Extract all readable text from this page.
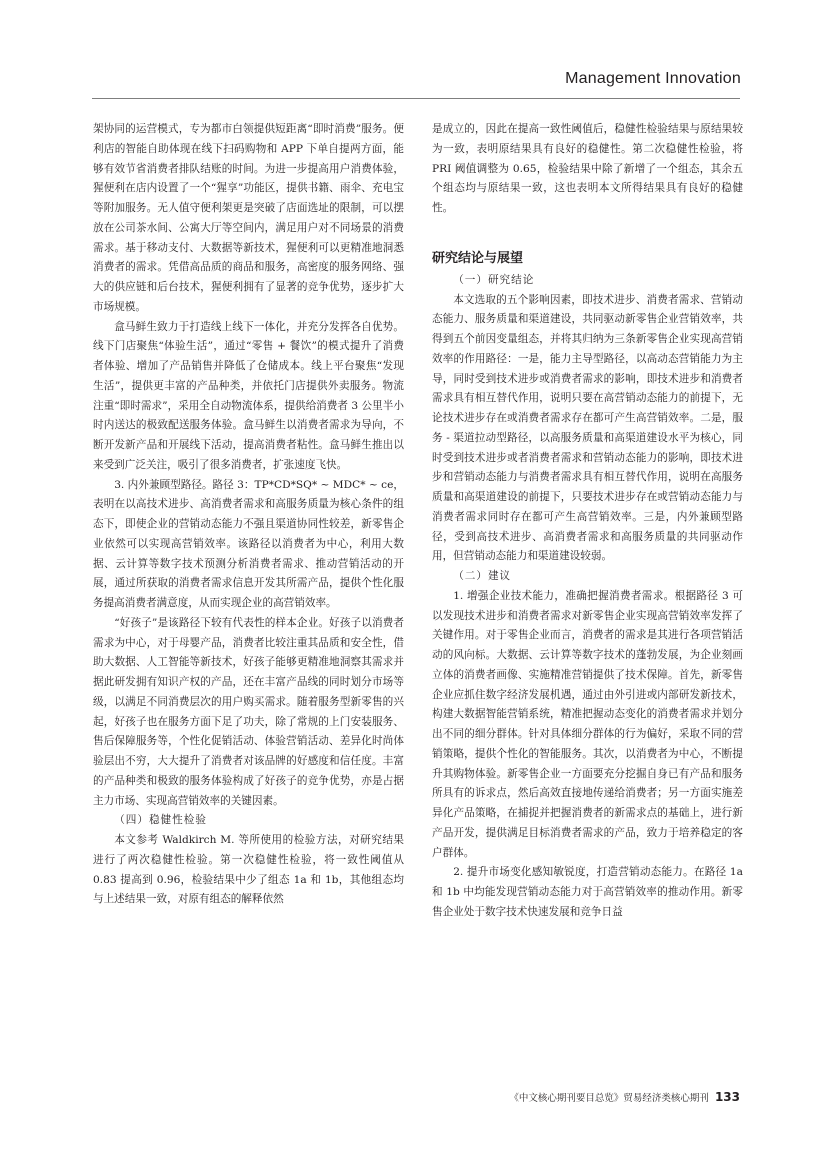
Management Innovation

架协同的运营模式，专为都市白领提供短距离“即时消费”服务。便利店的智能自助体现在线下扫码购物和 APP 下单自提两方面，能够有效节省消费者排队结账的时间。为进一步提高用户消费体验，猩便利在店内设置了一个“猩享”功能区，提供书籍、雨伞、充电宝等附加服务。无人值守便利架更是突破了店面选址的限制，可以摆放在公司茶水间、公寓大厅等空间内，满足用户对不同场景的消费需求。基于移动支付、大数据等新技术，猩便利可以更精准地洞悉消费者的需求。凭借高品质的商品和服务，高密度的服务网络、强大的供应链和后台技术，猩便利拥有了显著的竞争优势，逐步扩大市场规模。

盒马鲜生致力于打造线上线下一体化，并充分发挥各自优势。线下门店聚焦“体验生活”，通过“零售 + 餐饮”的模式提升了消费者体验、增加了产品销售并降低了仓储成本。线上平台聚焦“发现生活”，提供更丰富的产品种类，并依托门店提供外卖服务。物流注重“即时需求”，采用全自动物流体系，提供给消费者 3 公里半小时内送达的极致配送服务体验。盒马鲜生以消费者需求为导向，不断开发新产品和开展线下活动，提高消费者粘性。盒马鲜生推出以来受到广泛关注，吸引了很多消费者，扩张速度飞快。

3. 内外兼顾型路径。路径 3：TP*CD*SQ* ~ MDC* ~ ce，表明在以高技术进步、高消费者需求和高服务质量为核心条件的组态下，即使企业的营销动态能力不强且渠道协同性较差，新零售企业依然可以实现高营销效率。该路径以消费者为中心，利用大数据、云计算等数字技术预测分析消费者需求、推动营销活动的开展，通过所获取的消费者需求信息开发其所需产品，提供个性化服务提高消费者满意度，从而实现企业的高营销效率。

“好孩子”是该路径下较有代表性的样本企业。好孩子以消费者需求为中心，对于母婴产品，消费者比较注重其品质和安全性，借助大数据、人工智能等新技术，好孩子能够更精准地洞察其需求并据此研发拥有知识产权的产品，还在丰富产品线的同时划分市场等级，以满足不同消费层次的用户购买需求。随着服务型新零售的兴起，好孩子也在服务方面下足了功夫，除了常规的上门安装服务、售后保障服务等，个性化促销活动、体验营销活动、差异化时尚体验层出不穷，大大提升了消费者对该品牌的好感度和信任度。丰富的产品种类和极致的服务体验构成了好孩子的竞争优势，亦是占据主力市场、实现高营销效率的关键因素。

（四）稳健性检验

本文参考 Waldkirch M. 等所使用的检验方法，对研究结果进行了两次稳健性检验。第一次稳健性检验，将一致性阈值从 0.83 提高到 0.96，检验结果中少了组态 1a 和 1b，其他组态均与上述结果一致，对原有组态的解释依然

是成立的，因此在提高一致性阈值后，稳健性检验结果与原结果较为一致，表明原结果具有良好的稳健性。第二次稳健性检验，将 PRI 阈值调整为 0.65，检验结果中除了新增了一个组态，其余五个组态均与原结果一致，这也表明本文所得结果具有良好的稳健性。

研究结论与展望

（一）研究结论

本文选取的五个影响因素，即技术进步、消费者需求、营销动态能力、服务质量和渠道建设，共同驱动新零售企业营销效率，共得到五个前因变量组态，并将其归纳为三条新零售企业实现高营销效率的作用路径：一是，能力主导型路径，以高动态营销能力为主导，同时受到技术进步或消费者需求的影响，即技术进步和消费者需求具有相互替代作用，说明只要在高营销动态能力的前提下，无论技术进步存在或消费者需求存在都可产生高营销效率。二是，服务 - 渠道拉动型路径，以高服务质量和高渠道建设水平为核心，同时受到技术进步或者消费者需求和营销动态能力的影响，即技术进步和营销动态能力与消费者需求具有相互替代作用，说明在高服务质量和高渠道建设的前提下，只要技术进步存在或营销动态能力与消费者需求同时存在都可产生高营销效率。三是，内外兼顾型路径，受到高技术进步、高消费者需求和高服务质量的共同驱动作用，但营销动态能力和渠道建设较弱。

（二）建议

1. 增强企业技术能力，准确把握消费者需求。根据路径 3 可以发现技术进步和消费者需求对新零售企业实现高营销效率发挥了关键作用。对于零售企业而言，消费者的需求是其进行各项营销活动的风向标。大数据、云计算等数字技术的蓬勃发展，为企业刻画立体的消费者画像、实施精准营销提供了技术保障。首先，新零售企业应抓住数字经济发展机遇，通过由外引进或内部研发新技术，构建大数据智能营销系统，精准把握动态变化的消费者需求并划分出不同的细分群体。针对具体细分群体的行为偏好，采取不同的营销策略，提供个性化的智能服务。其次，以消费者为中心，不断提升其购物体验。新零售企业一方面要充分挖掘自身已有产品和服务所具有的诉求点，然后高效直接地传递给消费者；另一方面实施差异化产品策略，在捕捉并把握消费者的新需求点的基础上，进行新产品开发，提供满足目标消费者需求的产品，致力于培养稳定的客户群体。

2. 提升市场变化感知敏锐度，打造营销动态能力。在路径 1a 和 1b 中均能发现营销动态能力对于高营销效率的推动作用。新零售企业处于数字技术快速发展和竞争日益

《中文核心期刊要目总览》贸易经济类核心期刊 133
